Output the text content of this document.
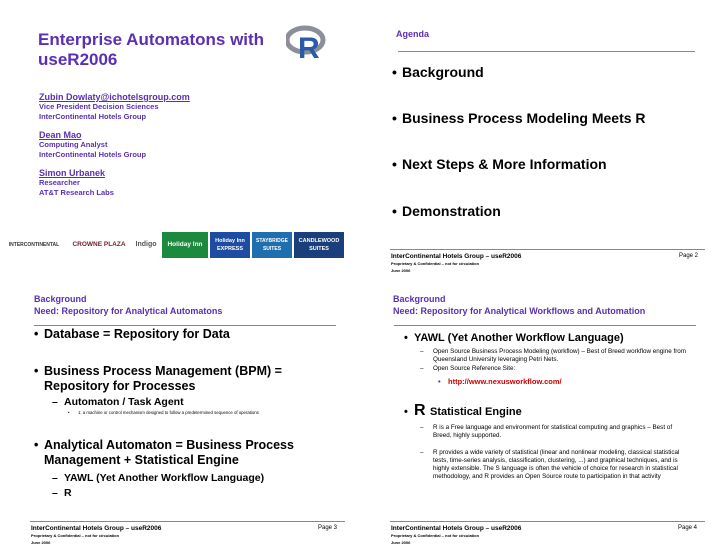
Enterprise Automatons with
useR2006	R
Zubin Dowlaty@ichotelsgroup.com
Vice President Decision Sciences
InterContinental Hotels Group
Dean Mao
Computing Analyst
InterContinental Hotels Group
Simon Urbanek
Researcher
AT&T Research Labs
INTERCONTINENTAL CROWNE PLAZA Indigo Holiday Inn	Holiday Inn EXPRESS
STAYBRIDGE SUITES
CANDLEWOOD SUITES
Agenda
• Background
• Business Process Modeling Meets R
• Next Steps & More Information
• Demonstration
InterContinental Hotels Group – useR2006
Proprietary & Confidential – not for circulation
June 2006
Page 2
Background
Need: Repository for Analytical Automatons
• Database = Repository for Data
• Business Process Management (BPM) =
Repository for Processes
– Automaton / Task Agent
• 1: a machine or control mechanism designed to follow a predetermined sequence of operations
• Analytical Automaton = Business Process
Management + Statistical Engine
– YAWL (Yet Another Workflow Language)
– R
InterContinental Hotels Group – useR2006
Proprietary & Confidential – not for circulation
June 2006
Page 3
Background
Need: Repository for Analytical Workflows and Automation
• YAWL (Yet Another Workflow Language)
–	Open Source Business Process Modeling (workflow) – Best of Breed workflow engine from
Queensland University leveraging Petri Nets.
– Open Source Reference Site:
• http://www.nexusworkflow.com/
• R Statistical Engine
–	R is a Free language and environment for statistical computing and graphics – Best of
Breed, highly supported.
–	R provides a wide variety of statistical (linear and nonlinear modeling, classical statistical
tests, time-series analysis, classification, clustering, ...) and graphical techniques, and is
highly extensible. The S language is often the vehicle of choice for research in statistical
methodology, and R provides an Open Source route to participation in that activity
InterContinental Hotels Group – useR2006
Proprietary & Confidential – not for circulation
June 2006
Page 4
